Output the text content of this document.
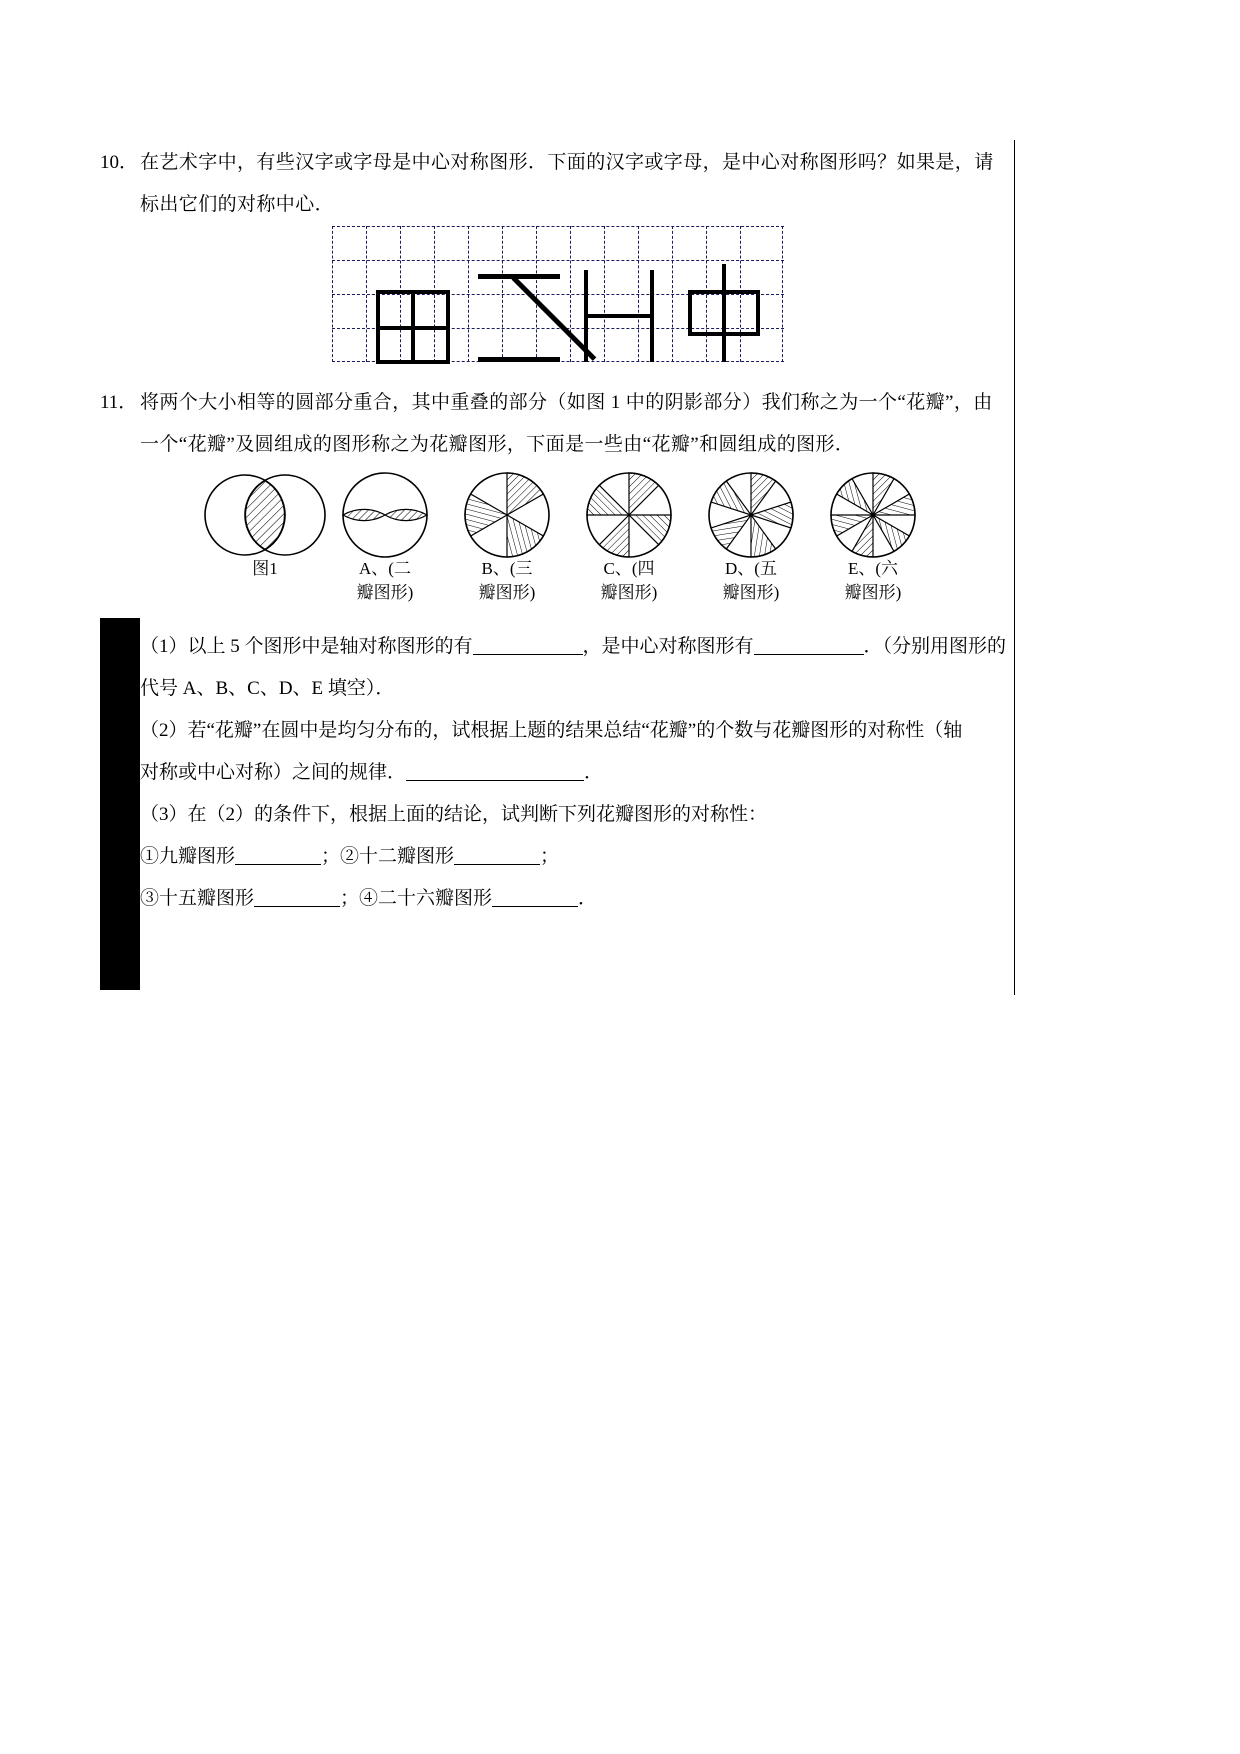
10． 在艺术字中，有些汉字或字母是中心对称图形．下面的汉字或字母，是中心对称图形吗？如果是，请
标出它们的对称中心．
11． 将两个大小相等的圆部分重合，其中重叠的部分（如图 1 中的阴影部分）我们称之为一个“花瓣”，由
一个“花瓣”及圆组成的图形称之为花瓣图形，下面是一些由“花瓣”和圆组成的图形．
图1	A、(二
瓣图形)
B、(三
瓣图形)
C、(四
瓣图形)
D、(五
瓣图形)
E、(六
瓣图形)
（1）以上 5 个图形中是轴对称图形的有	，是中心对称图形有	．（分别用图形的
代号 A、B、C、D、E 填空）．
（2）若“花瓣”在圆中是均匀分布的，试根据上题的结果总结“花瓣”的个数与花瓣图形的对称性（轴
对称或中心对称）之间的规律．	．
（3）在（2）的条件下，根据上面的结论，试判断下列花瓣图形的对称性：
①九瓣图形	；②十二瓣图形	；
③十五瓣图形	；④二十六瓣图形	．
